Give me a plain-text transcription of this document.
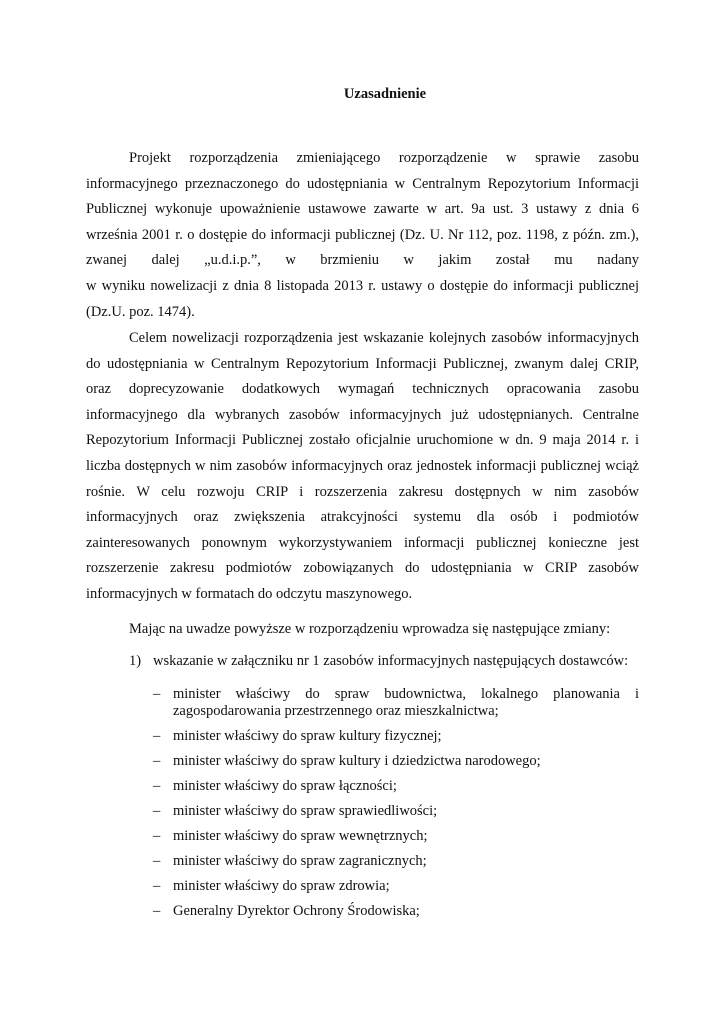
Uzasadnienie

Projekt rozporządzenia zmieniającego rozporządzenie w sprawie zasobu
informacyjnego przeznaczonego do udostępniania w Centralnym Repozytorium Informacji
Publicznej wykonuje upoważnienie ustawowe zawarte w art. 9a ust. 3 ustawy z dnia 6
września 2001 r. o dostępie do informacji publicznej (Dz. U. Nr 112, poz. 1198, z późn. zm.),
zwanej dalej „u.d.i.p.”, w brzmieniu w jakim został mu nadany
w wyniku nowelizacji z dnia 8 listopada 2013 r. ustawy o dostępie do informacji publicznej
(Dz.U. poz. 1474).

Celem nowelizacji rozporządzenia jest wskazanie kolejnych zasobów informacyjnych
do udostępniania w Centralnym Repozytorium Informacji Publicznej, zwanym dalej CRIP,
oraz doprecyzowanie dodatkowych wymagań technicznych opracowania zasobu
informacyjnego dla wybranych zasobów informacyjnych już udostępnianych. Centralne
Repozytorium Informacji Publicznej zostało oficjalnie uruchomione w dn. 9 maja 2014 r. i
liczba dostępnych w nim zasobów informacyjnych oraz jednostek informacji publicznej wciąż
rośnie. W celu rozwoju CRIP i rozszerzenia zakresu dostępnych w nim zasobów
informacyjnych oraz zwiększenia atrakcyjności systemu dla osób i podmiotów
zainteresowanych ponownym wykorzystywaniem informacji publicznej konieczne jest
rozszerzenie zakresu podmiotów zobowiązanych do udostępniania w CRIP zasobów
informacyjnych w formatach do odczytu maszynowego.

Mając na uwadze powyższe w rozporządzeniu wprowadza się następujące zmiany:
1) wskazanie w załączniku nr 1 zasobów informacyjnych następujących dostawców:
– minister właściwy do spraw budownictwa, lokalnego planowania i
zagospodarowania przestrzennego oraz mieszkalnictwa;
– minister właściwy do spraw kultury fizycznej;
– minister właściwy do spraw kultury i dziedzictwa narodowego;
– minister właściwy do spraw łączności;
– minister właściwy do spraw sprawiedliwości;
– minister właściwy do spraw wewnętrznych;
– minister właściwy do spraw zagranicznych;
– minister właściwy do spraw zdrowia;
– Generalny Dyrektor Ochrony Środowiska;
